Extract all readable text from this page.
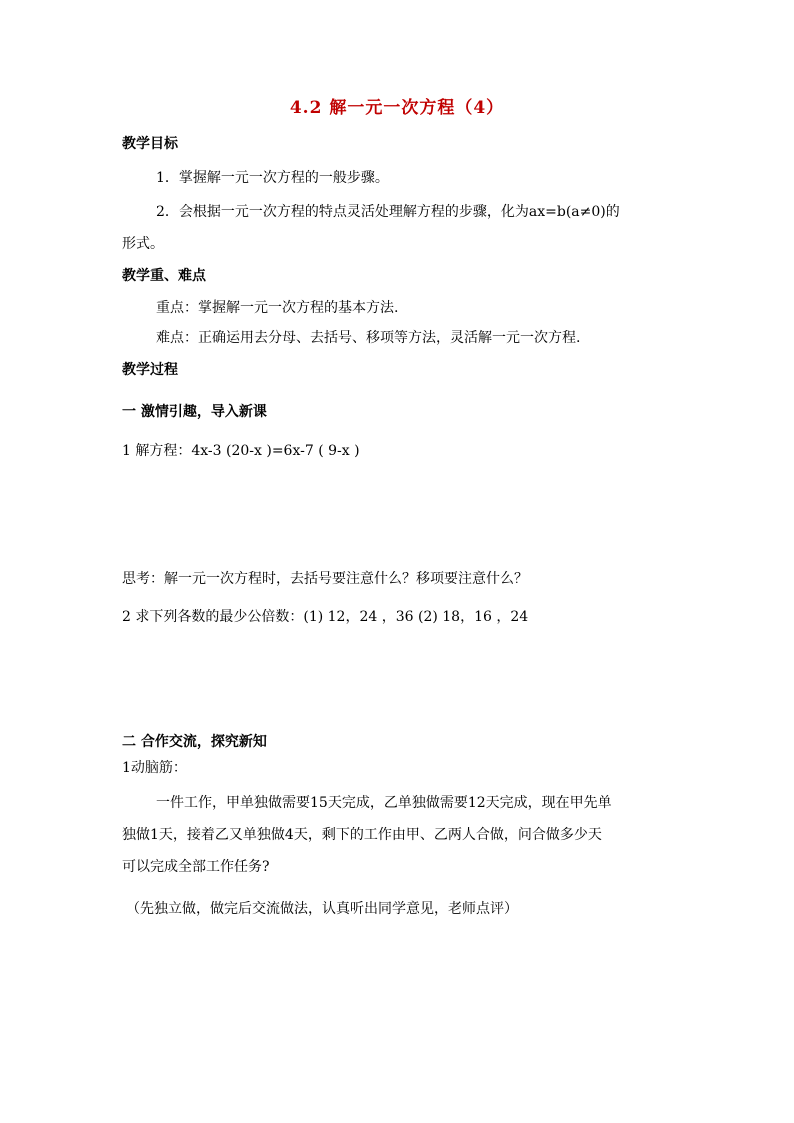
4.2 解一元一次方程（4）
教学目标
1．掌握解一元一次方程的一般步骤。
2．会根据一元一次方程的特点灵活处理解方程的步骤，化为ax=b(a≠0)的
形式。
教学重、难点
重点：掌握解一元一次方程的基本方法.
难点：正确运用去分母、去括号、移项等方法，灵活解一元一次方程.
教学过程
一 激情引趣，导入新课
1 解方程：4x-3 (20-x )=6x-7 ( 9-x )
思考：解一元一次方程时，去括号要注意什么？移项要注意什么？
2 求下列各数的最少公倍数：(1) 12，24 ，36 (2) 18，16 ，24
二 合作交流，探究新知
1动脑筋：
一件工作，甲单独做需要15天完成，乙单独做需要12天完成，现在甲先单
独做1天，接着乙又单独做4天，剩下的工作由甲、乙两人合做，问合做多少天
可以完成全部工作任务?
（先独立做，做完后交流做法，认真听出同学意见，老师点评）
